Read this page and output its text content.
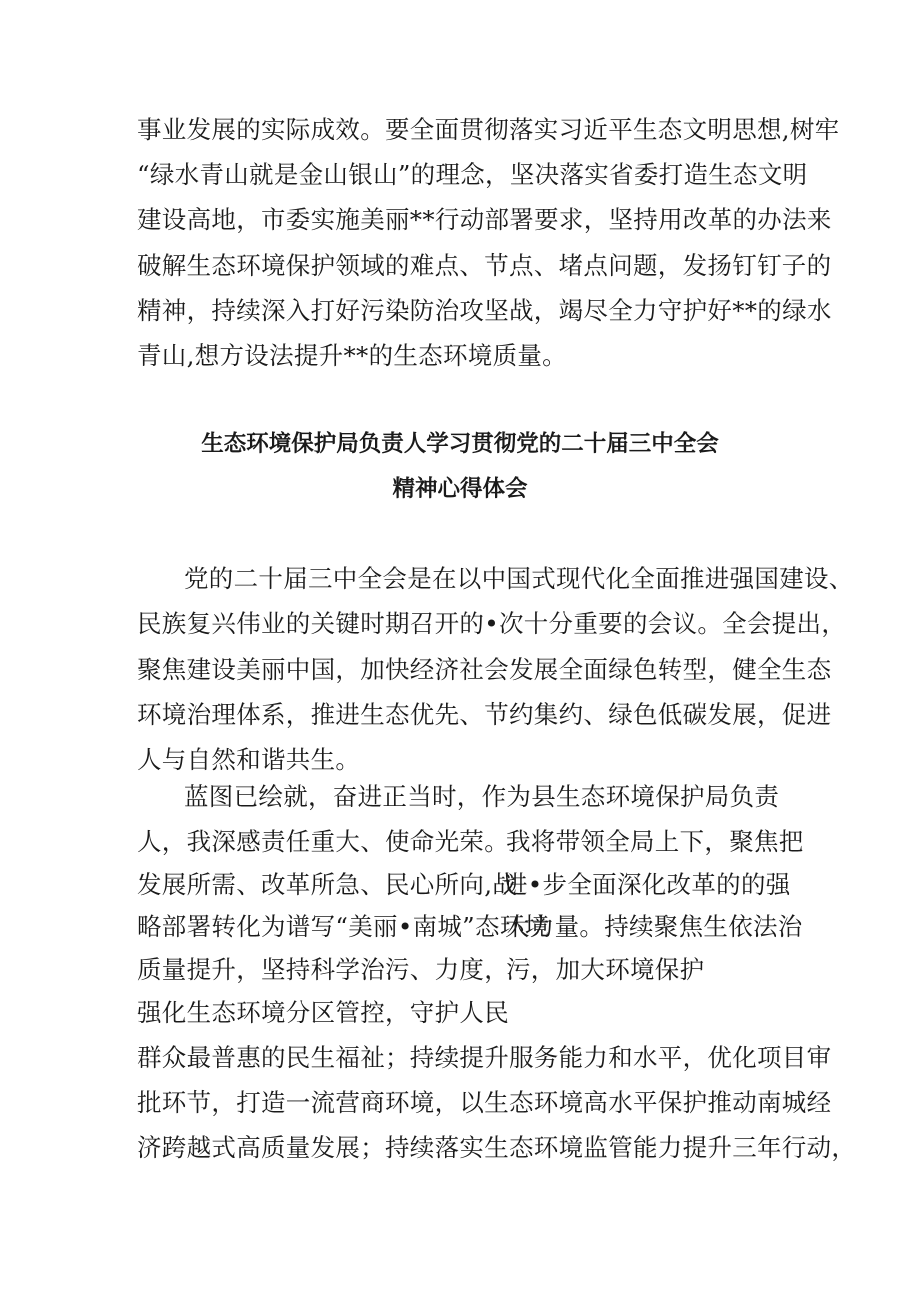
事业发展的实际成效。要全面贯彻落实习近平生态文明思想,树牢
“绿水青山就是金山银山”的理念，坚决落实省委打造生态文明
建设高地，市委实施美丽**行动部署要求，坚持用改革的办法来
破解生态环境保护领域的难点、节点、堵点问题，发扬钉钉子的
精神，持续深入打好污染防治攻坚战，竭尽全力守护好**的绿水
青山,想方设法提升**的生态环境质量。
生态环境保护局负责人学习贯彻党的二十届三中全会
精神心得体会
党的二十届三中全会是在以中国式现代化全面推进强国建设、
民族复兴伟业的关键时期召开的•次十分重要的会议。全会提出，
聚焦建设美丽中国，加快经济社会发展全面绿色转型，健全生态
环境治理体系，推进生态优先、节约集约、绿色低碳发展，促进
人与自然和谐共生。
蓝图已绘就，奋进正当时，作为县生态环境保护局负责
人，我深感责任重大、使命光荣。
发展所需、改革所急、民心所向,战
略部署转化为谱写“美丽•南城”态环境
质量提升，坚持科学治污、力度，
强化生态环境分区管控，守护人民
我将带领全局上下，聚焦把
进•步全面深化改革的的强
大力量。持续聚焦生依法治
污，加大环境保护
群众最普惠的民生福祉；持续提升服务能力和水平，优化项目审
批环节，打造一流营商环境，以生态环境高水平保护推动南城经
济跨越式高质量发展；持续落实生态环境监管能力提升三年行动，
